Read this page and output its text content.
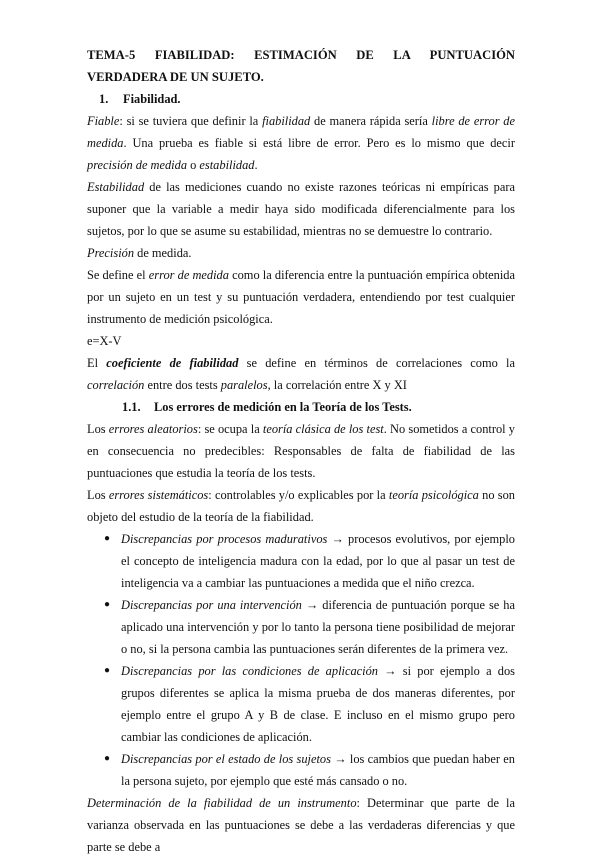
TEMA-5 FIABILIDAD: ESTIMACIÓN DE LA PUNTUACIÓN VERDADERA DE UN SUJETO.

1. Fiabilidad.

Fiable: si se tuviera que definir la fiabilidad de manera rápida sería libre de error de medida. Una prueba es fiable si está libre de error. Pero es lo mismo que decir precisión de medida o estabilidad.

Estabilidad de las mediciones cuando no existe razones teóricas ni empíricas para suponer que la variable a medir haya sido modificada diferencialmente para los sujetos, por lo que se asume su estabilidad, mientras no se demuestre lo contrario.

Precisión de medida.

Se define el error de medida como la diferencia entre la puntuación empírica obtenida por un sujeto en un test y su puntuación verdadera, entendiendo por test cualquier instrumento de medición psicológica.

e=X-V

El coeficiente de fiabilidad se define en términos de correlaciones como la correlación entre dos tests paralelos, la correlación entre X y XI

1.1. Los errores de medición en la Teoría de los Tests.

Los errores aleatorios: se ocupa la teoría clásica de los test. No sometidos a control y en consecuencia no predecibles: Responsables de falta de fiabilidad de las puntuaciones que estudia la teoría de los tests.

Los errores sistemáticos: controlables y/o explicables por la teoría psicológica no son objeto del estudio de la teoría de la fiabilidad.

● Discrepancias por procesos madurativos → procesos evolutivos, por ejemplo el concepto de inteligencia madura con la edad, por lo que al pasar un test de inteligencia va a cambiar las puntuaciones a medida que el niño crezca.
● Discrepancias por una intervención → diferencia de puntuación porque se ha aplicado una intervención y por lo tanto la persona tiene posibilidad de mejorar o no, si la persona cambia las puntuaciones serán diferentes de la primera vez.
● Discrepancias por las condiciones de aplicación → si por ejemplo a dos grupos diferentes se aplica la misma prueba de dos maneras diferentes, por ejemplo entre el grupo A y B de clase. E incluso en el mismo grupo pero cambiar las condiciones de aplicación.
● Discrepancias por el estado de los sujetos → los cambios que puedan haber en la persona sujeto, por ejemplo que esté más cansado o no.

Determinación de la fiabilidad de un instrumento: Determinar que parte de la varianza observada en las puntuaciones se debe a las verdaderas diferencias y que parte se debe a
